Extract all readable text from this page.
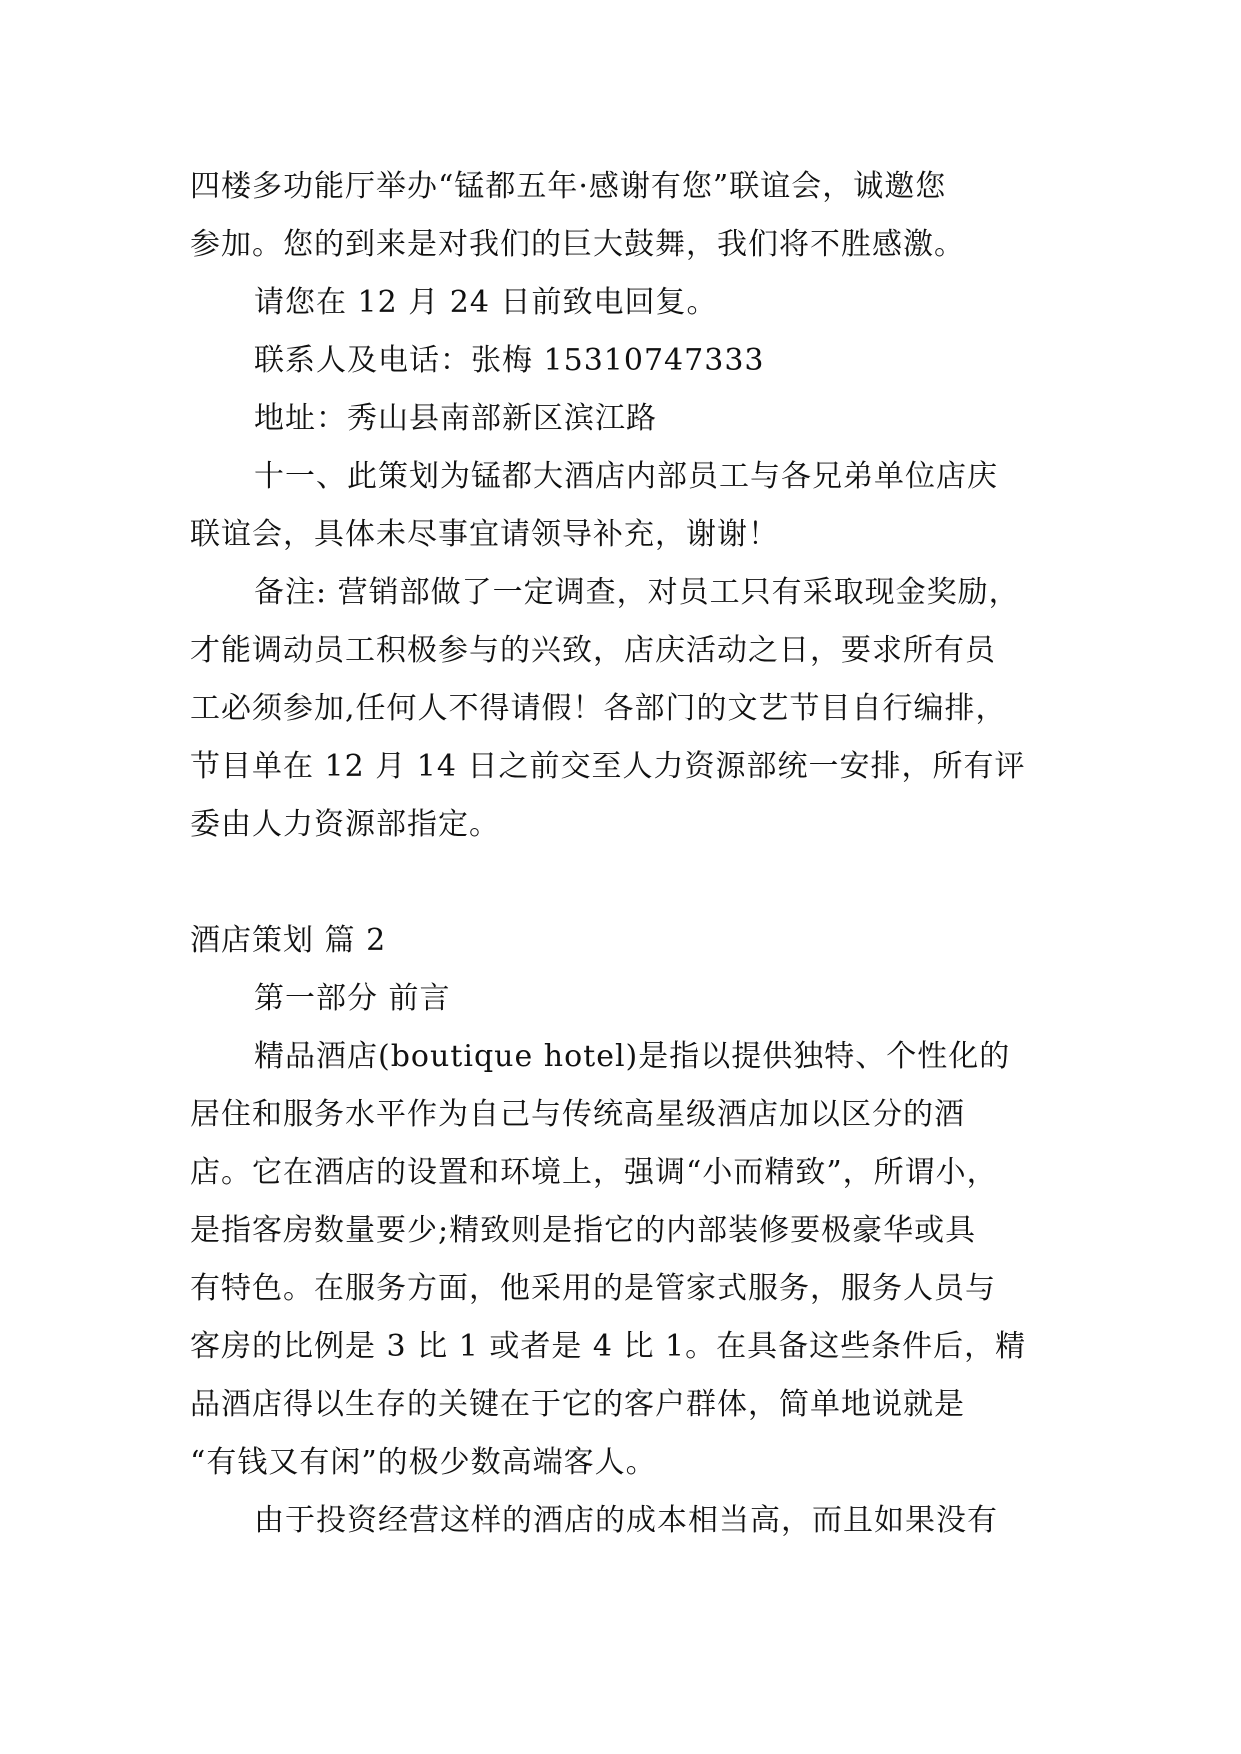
四楼多功能厅举办“锰都五年·感谢有您”联谊会，诚邀您
参加。您的到来是对我们的巨大鼓舞，我们将不胜感激。
请您在 12 月 24 日前致电回复。
联系人及电话：张梅 15310747333
地址：秀山县南部新区滨江路
十一、此策划为锰都大酒店内部员工与各兄弟单位店庆
联谊会，具体未尽事宜请领导补充，谢谢！
备注: 营销部做了一定调查，对员工只有采取现金奖励，
才能调动员工积极参与的兴致，店庆活动之日，要求所有员
工必须参加,任何人不得请假！各部门的文艺节目自行编排，
节目单在 12 月 14 日之前交至人力资源部统一安排，所有评
委由人力资源部指定。
酒店策划 篇 2
第一部分 前言
精品酒店(boutique hotel)是指以提供独特、个性化的
居住和服务水平作为自己与传统高星级酒店加以区分的酒
店。它在酒店的设置和环境上，强调“小而精致”，所谓小，
是指客房数量要少;精致则是指它的内部装修要极豪华或具
有特色。在服务方面，他采用的是管家式服务，服务人员与
客房的比例是 3 比 1 或者是 4 比 1。在具备这些条件后，精
品酒店得以生存的关键在于它的客户群体，简单地说就是
“有钱又有闲”的极少数高端客人。
由于投资经营这样的酒店的成本相当高，而且如果没有
